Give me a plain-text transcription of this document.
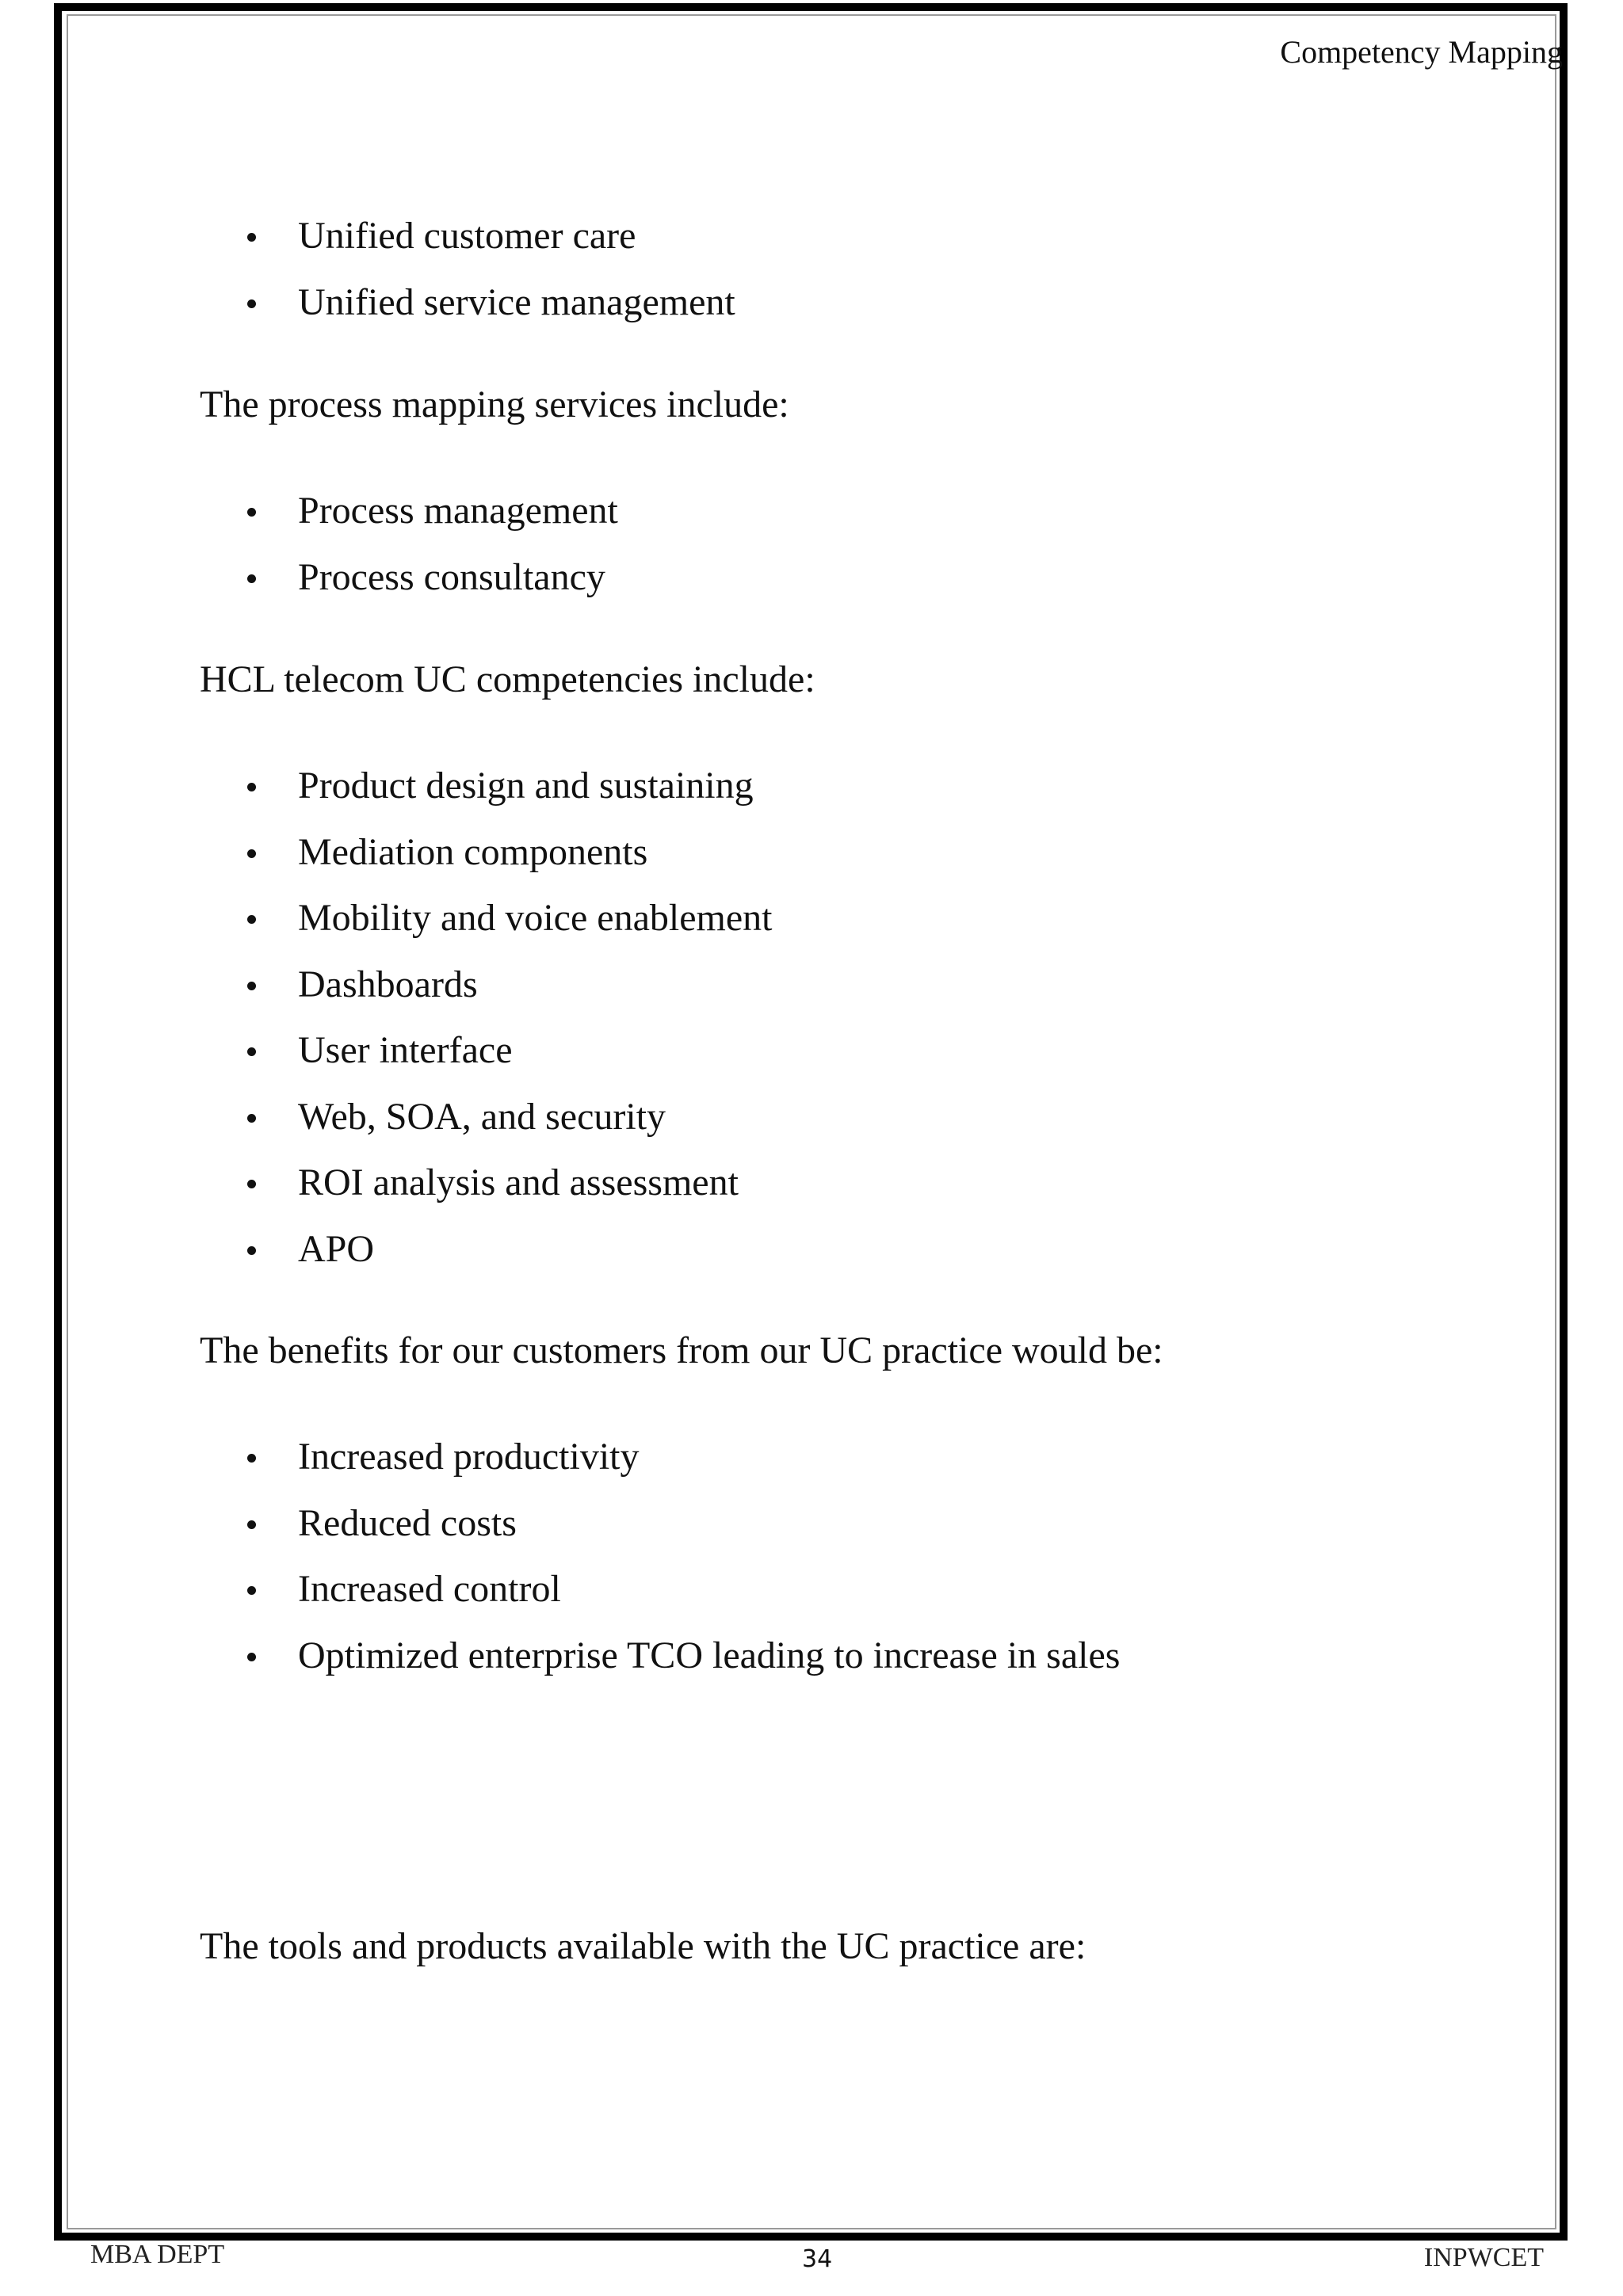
Competency Mapping
Unified customer care
Unified service management

The process mapping services include:

Process management
Process consultancy

HCL telecom UC competencies include:

Product design and sustaining
Mediation components
Mobility and voice enablement
Dashboards
User interface
Web, SOA, and security
ROI analysis and assessment
APO

The benefits for our customers from our UC practice would be:

Increased productivity
Reduced costs
Increased control
Optimized enterprise TCO leading to increase in sales

The tools and products available with the UC practice are:

MBA DEPT	34	INPWCET
